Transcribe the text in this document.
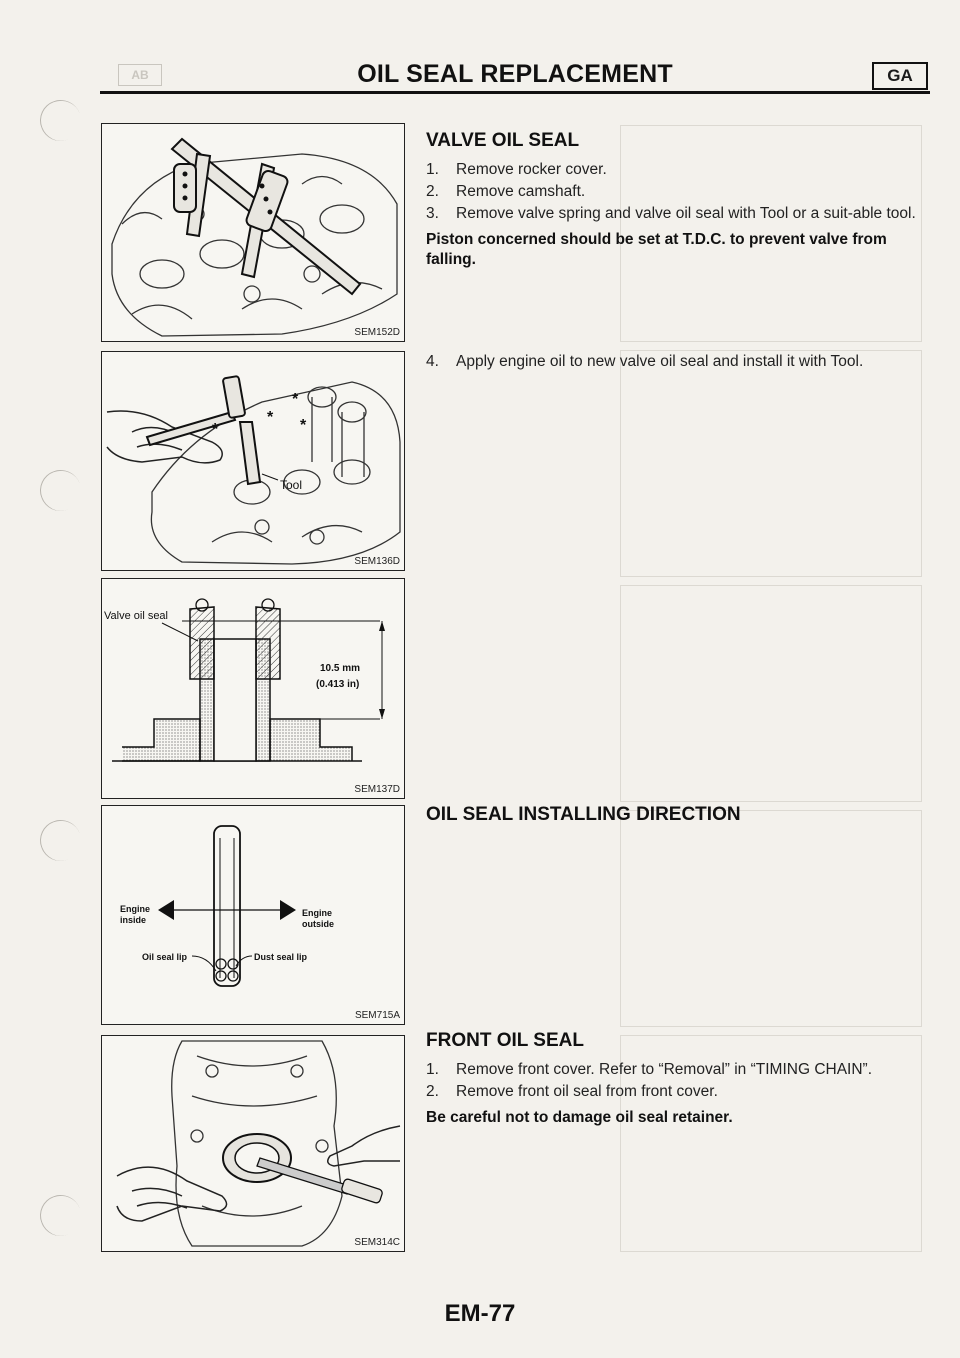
AB	OIL SEAL REPLACEMENT	GA
SEM152D
*
*
* *
Tool
SEM136D
Valve oil seal
10.5 mm
(0.413 in)
SEM137D
Engine
inside
Engine
outside
Oil seal lip	Dust seal lip
SEM715A
SEM314C
VALVE OIL SEAL
1.	Remove rocker cover.
2.	Remove camshaft.
3.	Remove valve spring and valve oil seal with Tool or a suit-able tool.
Piston concerned should be set at T.D.C. to prevent valve from falling.
4.	Apply engine oil to new valve oil seal and install it with Tool.
OIL SEAL INSTALLING DIRECTION
FRONT OIL SEAL
1.	Remove front cover. Refer to “Removal” in “TIMING CHAIN”.
2.	Remove front oil seal from front cover.
Be careful not to damage oil seal retainer.
EM-77
